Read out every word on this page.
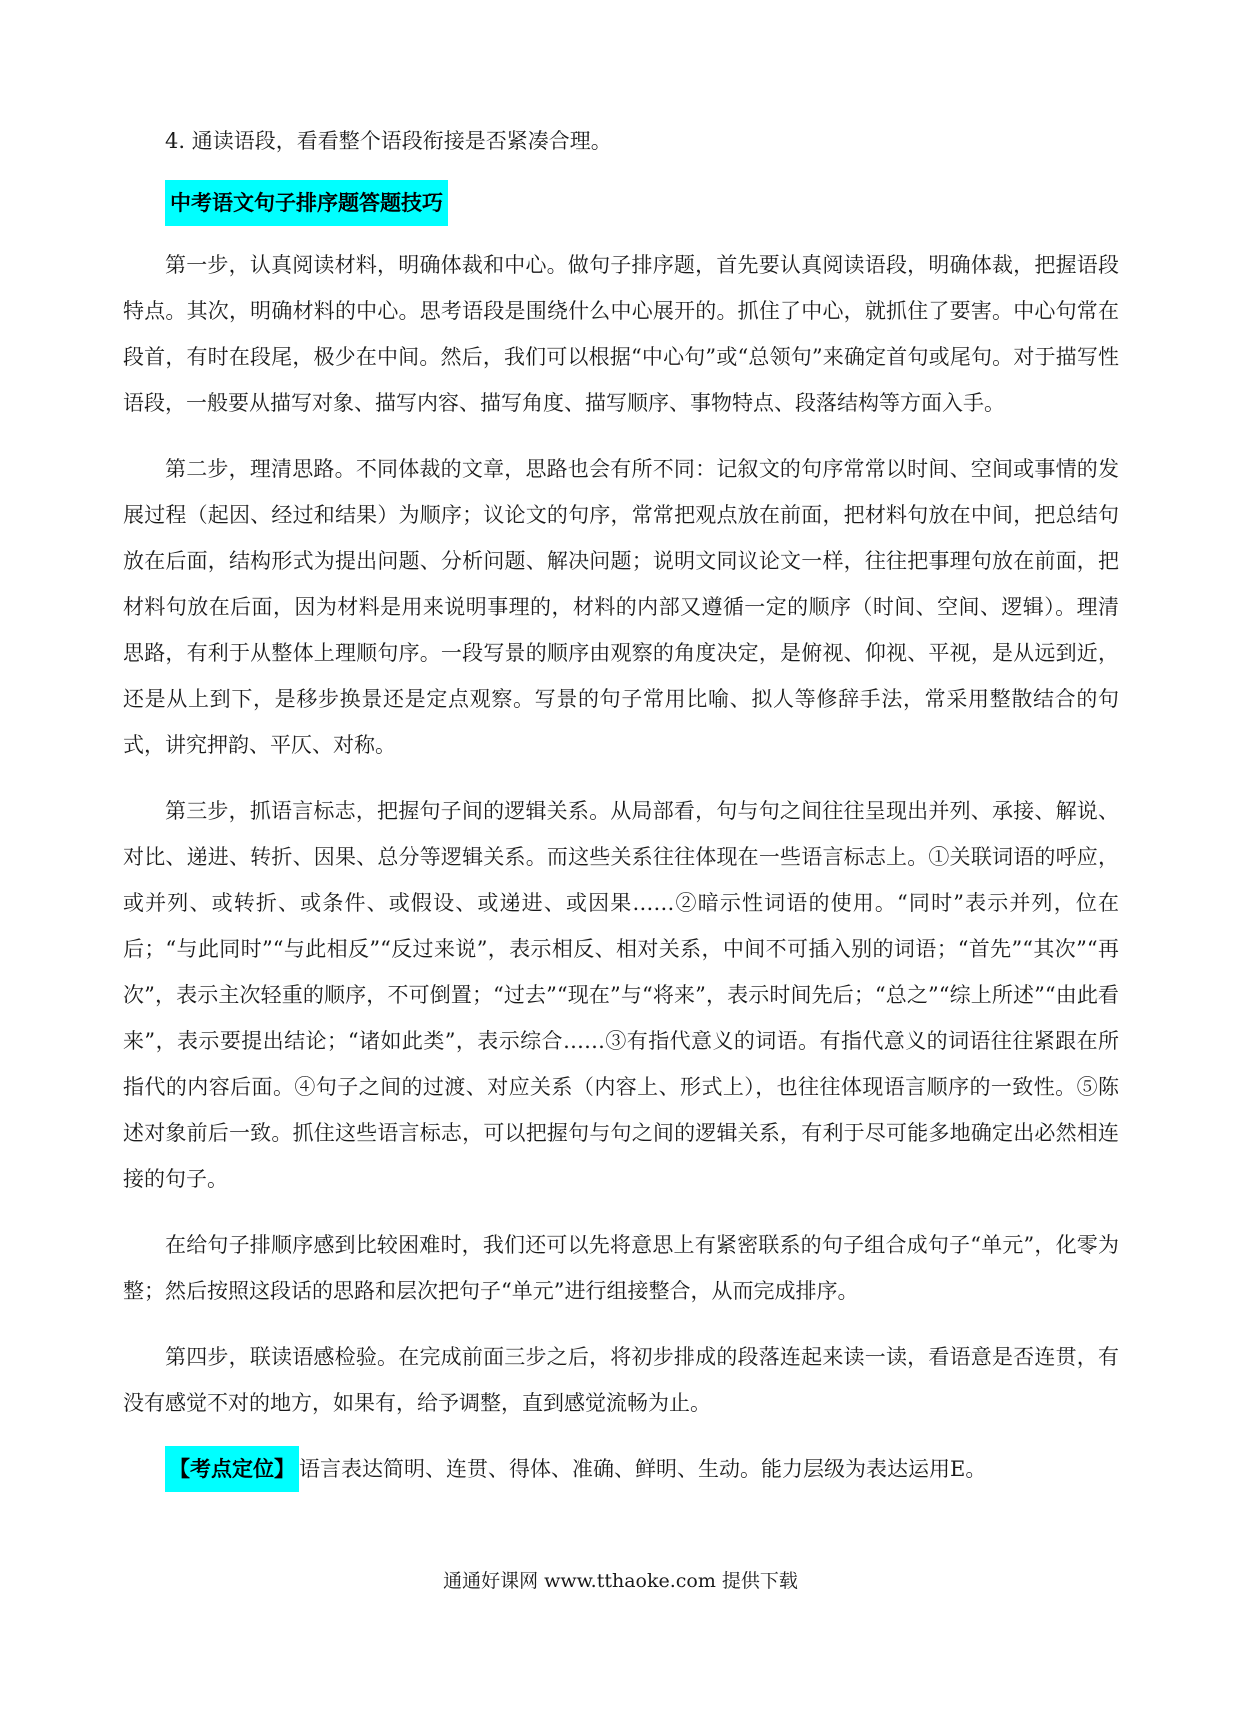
4. 通读语段，看看整个语段衔接是否紧凑合理。

中考语文句子排序题答题技巧

第一步，认真阅读材料，明确体裁和中心。做句子排序题，首先要认真阅读语段，明确体裁，把握语段特点。其次，明确材料的中心。思考语段是围绕什么中心展开的。抓住了中心，就抓住了要害。中心句常在段首，有时在段尾，极少在中间。然后，我们可以根据“中心句”或“总领句”来确定首句或尾句。对于描写性语段，一般要从描写对象、描写内容、描写角度、描写顺序、事物特点、段落结构等方面入手。

第二步，理清思路。不同体裁的文章，思路也会有所不同：记叙文的句序常常以时间、空间或事情的发展过程（起因、经过和结果）为顺序；议论文的句序，常常把观点放在前面，把材料句放在中间，把总结句放在后面，结构形式为提出问题、分析问题、解决问题；说明文同议论文一样，往往把事理句放在前面，把材料句放在后面，因为材料是用来说明事理的，材料的内部又遵循一定的顺序（时间、空间、逻辑）。理清思路，有利于从整体上理顺句序。一段写景的顺序由观察的角度决定，是俯视、仰视、平视，是从远到近，还是从上到下，是移步换景还是定点观察。写景的句子常用比喻、拟人等修辞手法，常采用整散结合的句式，讲究押韵、平仄、对称。

第三步，抓语言标志，把握句子间的逻辑关系。从局部看，句与句之间往往呈现出并列、承接、解说、对比、递进、转折、因果、总分等逻辑关系。而这些关系往往体现在一些语言标志上。①关联词语的呼应，或并列、或转折、或条件、或假设、或递进、或因果……②暗示性词语的使用。“同时”表示并列，位在后；“与此同时”“与此相反”“反过来说”，表示相反、相对关系，中间不可插入别的词语；“首先”“其次”“再次”，表示主次轻重的顺序，不可倒置；“过去”“现在”与“将来”，表示时间先后；“总之”“综上所述”“由此看来”，表示要提出结论；“诸如此类”，表示综合……③有指代意义的词语。有指代意义的词语往往紧跟在所指代的内容后面。④句子之间的过渡、对应关系（内容上、形式上），也往往体现语言顺序的一致性。⑤陈述对象前后一致。抓住这些语言标志，可以把握句与句之间的逻辑关系，有利于尽可能多地确定出必然相连接的句子。

在给句子排顺序感到比较困难时，我们还可以先将意思上有紧密联系的句子组合成句子“单元”，化零为整；然后按照这段话的思路和层次把句子“单元”进行组接整合，从而完成排序。

第四步，联读语感检验。在完成前面三步之后，将初步排成的段落连起来读一读，看语意是否连贯，有没有感觉不对的地方，如果有，给予调整，直到感觉流畅为止。

【考点定位】 语言表达简明、连贯、得体、准确、鲜明、生动。能力层级为表达运用E。

通通好课网 www.tthaoke.com 提供下载
